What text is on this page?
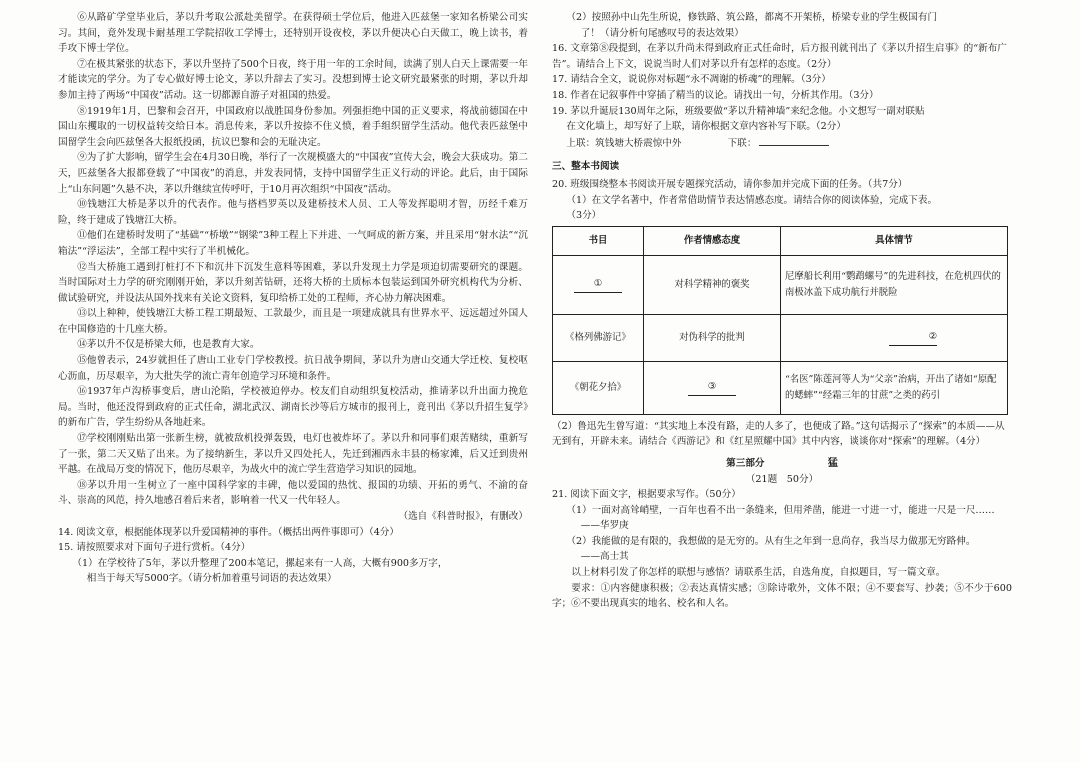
⑥从路矿学堂毕业后，茅以升考取公派赴美留学。在获得硕士学位后，他进入匹兹堡一家知名桥梁公司实习。其间，竟外发现卡耐基理工学院招收工学博士，还特别开设夜校，茅以升便决心白天做工，晚上读书，着手攻下博士学位。

⑦在极其紧张的状态下，茅以升坚持了500个日夜，终于用一年的工余时间，读满了别人白天上课需要一年才能读完的学分。为了专心做好博士论文，茅以升辞去了实习。没想到博士论文研究最紧张的时期，茅以升却参加主持了两场“中国夜”活动。这一切都源自游子对祖国的热爱。

⑧1919年1月，巴黎和会召开，中国政府以战胜国身份参加。列强拒绝中国的正义要求，将战前德国在中国山东攫取的一切权益转交给日本。消息传来，茅以升按捺不住义愤，着手组织留学生活动。他代表匹兹堡中国留学生会向匹兹堡各大报纸投函，抗议巴黎和会的无耻决定。

⑨为了扩大影响，留学生会在4月30日晚，举行了一次规模盛大的“中国夜”宣传大会，晚会大获成功。第二天，匹兹堡各大报都登载了“中国夜”的消息，并发表同情，支持中国留学生正义行动的评论。此后，由于国际上“山东问题”久悬不决，茅以升继续宣传呼吁，于10月再次组织“中国夜”活动。

⑩钱塘江大桥是茅以升的代表作。他与搭档罗英以及建桥技术人员、工人等发挥聪明才智，历经千难万险，终于建成了钱塘江大桥。

⑪他们在建桥时发明了“基础”“桥墩”“钢梁”3种工程上下并进、一气呵成的新方案，并且采用“射水法”“沉箱法”“浮运法”，全部工程中实行了半机械化。

⑫当大桥施工遇到打桩打不下和沉井下沉发生意料等困难，茅以升发现土力学是项迫切需要研究的课题。当时国际对土力学的研究刚刚开始，茅以升刻苦钻研，还将大桥的土质标本包装运到国外研究机构代为分析、做试验研究，并设法从国外找来有关论文资料，复印给桥工处的工程师，齐心协力解决困难。

⑬以上种种，使钱塘江大桥工程工期最短、工款最少，而且是一项建成就具有世界水平、远远超过外国人在中国修造的十几座大桥。

⑭茅以升不仅是桥梁大师，也是教育大家。

⑮他曾表示，24岁就担任了唐山工业专门学校教授。抗日战争期间，茅以升为唐山交通大学迁校、复校呕心沥血，历尽艰辛，为大批失学的流亡青年创造学习环境和条件。

⑯1937年卢沟桥事变后，唐山沦陷，学校被迫停办。校友们自动组织复校活动，推请茅以升出面力挽危局。当时，他还没得到政府的正式任命，湖北武汉、湖南长沙等后方城市的报刊上，竟刊出《茅以升招生复学》的新布广告，学生纷纷从各地赶来。

⑰学校刚刚贴出第一张新生榜，就被敌机投弹轰毁，电灯也被炸坏了。茅以升和同事们艰苦赌续，重新写了一张，第二天又贴了出来。为了接纳新生，茅以升又四处托人，先迁到湘西永丰县的杨家滩，后又迁到贵州平越。在战局万变的情况下，他历尽艰辛，为战火中的流亡学生营造学习知识的园地。

⑱茅以升用一生树立了一座中国科学家的丰碑，他以爱国的热忱、报国的功绩、开拓的勇气、不渝的奋斗、崇高的风范，持久地感召着后来者，影响着一代又一代年轻人。

（选自《科普时报》，有删改）

14. 阅读文章，根据能体现茅以升爱国精神的事件。（概括出两件事即可）（4分）

15. 请按照要求对下面句子进行赏析。（4分）

（1）在学校待了5年，茅以升整理了200本笔记，摞起来有一人高，大概有900多万字，

相当于每天写5000字。（请分析加着重号词语的表达效果）

（2）按照孙中山先生所说，修铁路、筑公路，都离不开架桥，桥梁专业的学生极国有门

了！（请分析句尾感叹号的表达效果）

16. 文章第⑧段提到，在茅以升尚未得到政府正式任命时，后方报刊就刊出了《茅以升招生启事》的“新布广告”。请结合上下文，说说当时人们对茅以升有怎样的态度。（2分）

17. 请结合全文，说说你对标题“永不凋谢的桥魂”的理解。（3分）

18. 作者在记叙事件中穿插了精当的议论。请找出一句，分析其作用。（3分）

19. 茅以升诞辰130周年之际，班级要做“茅以升精神墙”来纪念他。小文想写一副对联贴

在文化墙上，却写好了上联，请你根据文章内容补写下联。（2分）

上联：筑钱塘大桥震惊中外	下联：

三、整本书阅读

20. 班级围绕整本书阅读开展专题探究活动，请你参加并完成下面的任务。（共7分）

（1）在文学名著中，作者常借助情节表达情感态度。请结合你的阅读体验，完成下表。

（3分）

书目	作者情感态度	具体情节
①	对科学精神的褒奖	尼摩船长利用“鹦鹉螺号”的先进科技，在危机四伏的南极冰盖下成功航行并脱险
《格列佛游记》	对伪科学的批判	②
《朝花夕拾》	③	“名医”陈莲河等人为“父亲”治病，开出了诸如“原配的蟋蟀”“经霜三年的甘蔗”之类的药引

（2）鲁迅先生曾写道：“其实地上本没有路，走的人多了，也便成了路。”这句话揭示了“探索”的本质——从无到有，开辟未来。请结合《西游记》和《红星照耀中国》其中内容，谈谈你对“探索”的理解。（4分）

第三部分	猛

（21题　50分）

21. 阅读下面文字，根据要求写作。（50分）

（1）一面对高耸峭壁，一百年也看不出一条缝来，但用斧凿，能进一寸进一寸，能进一尺是一尺……

——华罗庚

（2）我能做的是有限的，我想做的是无穷的。从有生之年到一息尚存，我当尽力做那无穷路伸。

——高士其

以上材料引发了你怎样的联想与感悟？请联系生活，自选角度，自拟题目，写一篇文章。

要求：①内容健康积极；②表达真情实感；③除诗歌外，文体不限；④不要套写、抄袭；⑤不少于600字；⑥不要出现真实的地名、校名和人名。
